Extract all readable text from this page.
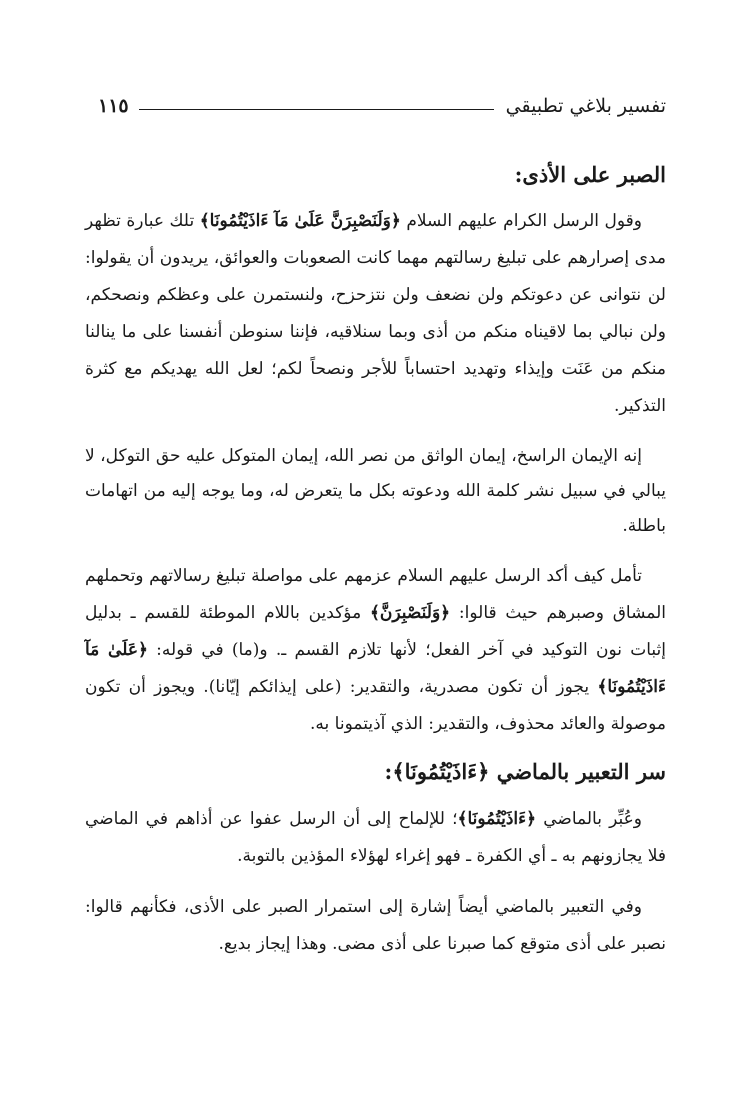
١١٥	تفسير بلاغي تطبيقي
الصبر على الأذى:

وقول الرسل الكرام عليهم السلام ﴿وَلَنَصْبِرَنَّ عَلَىٰ مَآ ءَاذَيْتُمُونَا﴾ تلك عبارة تظهر مدى إصرارهم على تبليغ رسالتهم مهما كانت الصعوبات والعوائق، يريدون أن يقولوا: لن نتوانى عن دعوتكم ولن نضعف ولن نتزحزح، ولنستمرن على وعظكم ونصحكم، ولن نبالي بما لاقيناه منكم من أذى وبما سنلاقيه، فإننا سنوطن أنفسنا على ما ينالنا منكم من عَنَت وإيذاء وتهديد احتساباً للأجر ونصحاً لكم؛ لعل الله يهديكم مع كثرة التذكير.

إنه الإيمان الراسخ، إيمان الواثق من نصر الله، إيمان المتوكل عليه حق التوكل، لا يبالي في سبيل نشر كلمة الله ودعوته بكل ما يتعرض له، وما يوجه إليه من اتهامات باطلة.

تأمل كيف أكد الرسل عليهم السلام عزمهم على مواصلة تبليغ رسالاتهم وتحملهم المشاق وصبرهم حيث قالوا: ﴿وَلَنَصْبِرَنَّ﴾ مؤكدين باللام الموطئة للقسم ـ بدليل إثبات نون التوكيد في آخر الفعل؛ لأنها تلازم القسم ـ. و(ما) في قوله: ﴿عَلَىٰ مَآ ءَاذَيْتُمُونَا﴾ يجوز أن تكون مصدرية، والتقدير: (على إيذائكم إيّانا). ويجوز أن تكون موصولة والعائد محذوف، والتقدير: الذي آذيتمونا به.

سر التعبير بالماضي ﴿ءَاذَيْتُمُونَا﴾:

وعُبِّر بالماضي ﴿ءَاذَيْتُمُونَا﴾؛ للإلماح إلى أن الرسل عفوا عن أذاهم في الماضي فلا يجازونهم به ـ أي الكفرة ـ فهو إغراء لهؤلاء المؤذين بالتوبة.

وفي التعبير بالماضي أيضاً إشارة إلى استمرار الصبر على الأذى، فكأنهم قالوا: نصبر على أذى متوقع كما صبرنا على أذى مضى. وهذا إيجاز بديع.
